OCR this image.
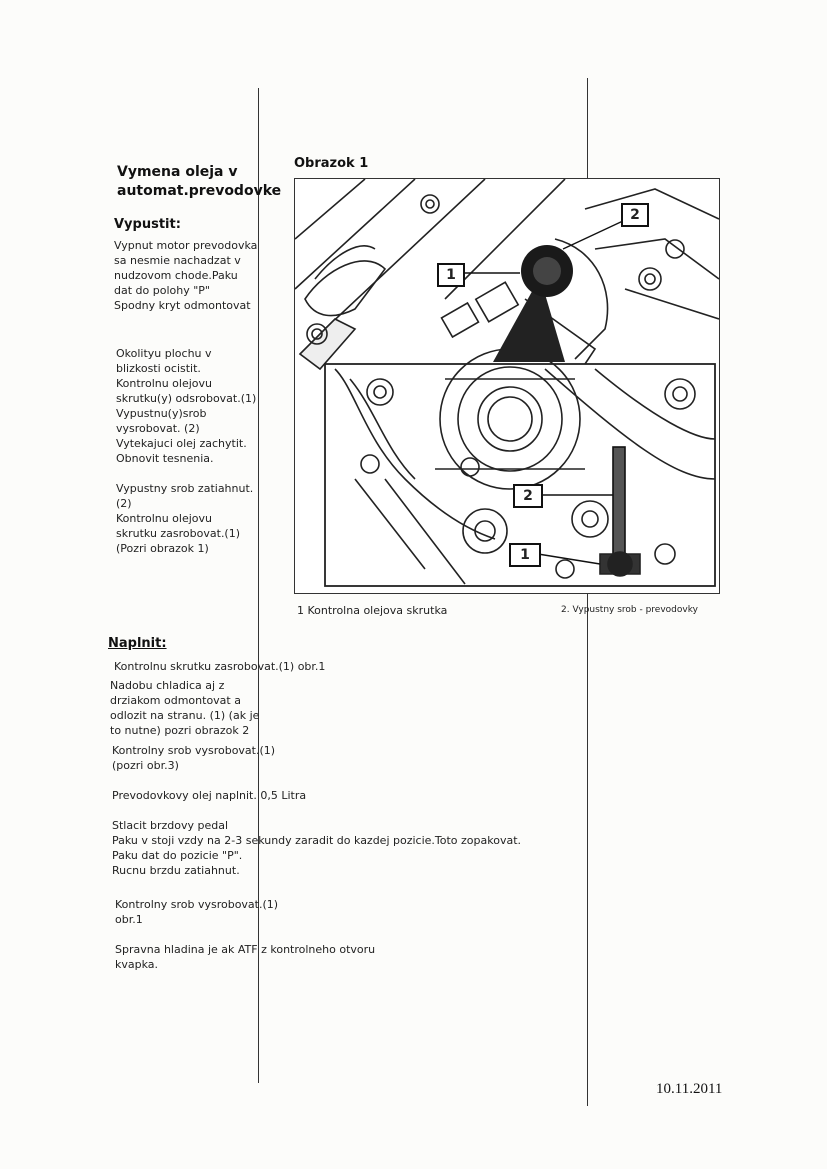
Vymena oleja v
automat.prevodovke
Vypustit:
Vypnut motor prevodovka
sa nesmie nachadzat v
nudzovom chode.Paku
dat do polohy "P"
Spodny kryt odmontovat
Okolityu plochu v
blizkosti ocistit.
Kontrolnu olejovu
skrutku(y) odsrobovat.(1)
Vypustnu(y)srob
vysrobovat. (2)
Vytekajuci olej zachytit.
Obnovit tesnenia.
Vypustny srob zatiahnut.
(2)
Kontrolnu olejovu
skrutku zasrobovat.(1)
(Pozri obrazok 1)
Obrazok 1
1
2
2
1
1 Kontrolna olejova skrutka	2. Vypustny srob - prevodovky
Naplnit:
Kontrolnu skrutku zasrobovat.(1) obr.1
Nadobu chladica aj z
drziakom odmontovat a
odlozit na stranu. (1) (ak je
to nutne) pozri obrazok 2
Kontrolny srob vysrobovat.(1)
(pozri obr.3)
Prevodovkovy olej naplnit. 0,5 Litra
Stlacit brzdovy pedal
Paku v stoji vzdy na 2-3 sekundy zaradit do kazdej pozicie.Toto zopakovat.
Paku dat do pozicie "P".
Rucnu brzdu zatiahnut.
Kontrolny srob vysrobovat.(1)
obr.1
Spravna hladina je ak ATF z kontrolneho otvoru
kvapka.
10.11.2011
